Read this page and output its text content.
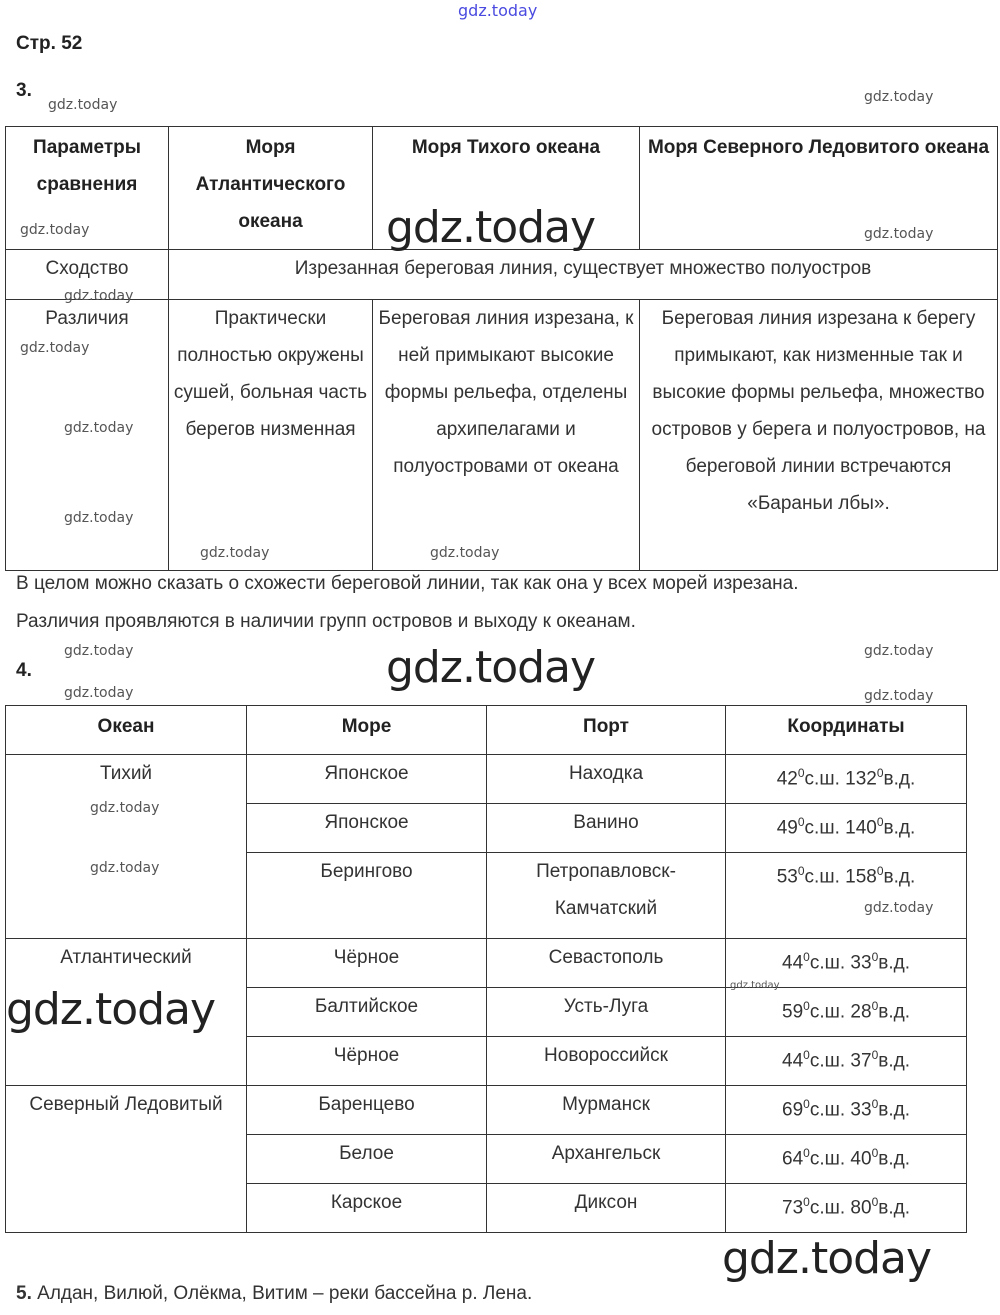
Стр. 52
3.
Параметры сравнения	Моря Атлантического океана	Моря Тихого океана	Моря Северного Ледовитого океана
Сходство	Изрезанная береговая линия, существует множество полуостров		
Различия	Практически полностью окружены сушей, больная часть берегов низменная	Береговая линия изрезана, к ней примыкают высокие формы рельефа, отделены архипелагами и полуостровами от океана	Береговая линия изрезана к берегу примыкают, как низменные так и высокие формы рельефа, множество островов у берега и полуостровов, на береговой линии встречаются «Бараньи лбы».
В целом можно сказать о схожести береговой линии, так как она у всех морей изрезана.
Различия проявляются в наличии групп островов и выходу к океанам.
4.
Океан	Море	Порт	Координаты
Тихий	Японское	Находка	$42^0с.ш$. $132^0в.д$.
	Японское	Ванино	$49^0с.ш$. $140^0в.д$.
	Берингово	Петропавловск-Камчатский	$53^0с.ш$. $158^0в.д$.
Атлантический	Чёрное	Севастополь	$44^0с.ш$. $33^0в.д$.
	Балтийское	Усть-Луга	$59^0с.ш$. $28^0в.д$.
	Чёрное	Новороссийск	$44^0с.ш$. $37^0в.д$.
Северный Ледовитый	Баренцево	Мурманск	$69^0с.ш$. $33^0в.д$.
	Белое	Архангельск	$64^0с.ш$. $40^0в.д$.
	Карское	Диксон	$73^0с.ш$. $80^0в.д$.
5. Алдан, Вилюй, Олёкма, Витим – реки бассейна р. Лена.
gdz.today	gdz.today
gdz.today	gdz.today
gdz.today
gdz.today
gdz.today
gdz.today
gdz.today	gdz.today
gdz.today	gdz.today
gdz.today	gdz.today
gdz.today
gdz.today
gdz.today
gdz.today
gdz.today
gdz.today
gdz.today
gdz.today
gdz.today
